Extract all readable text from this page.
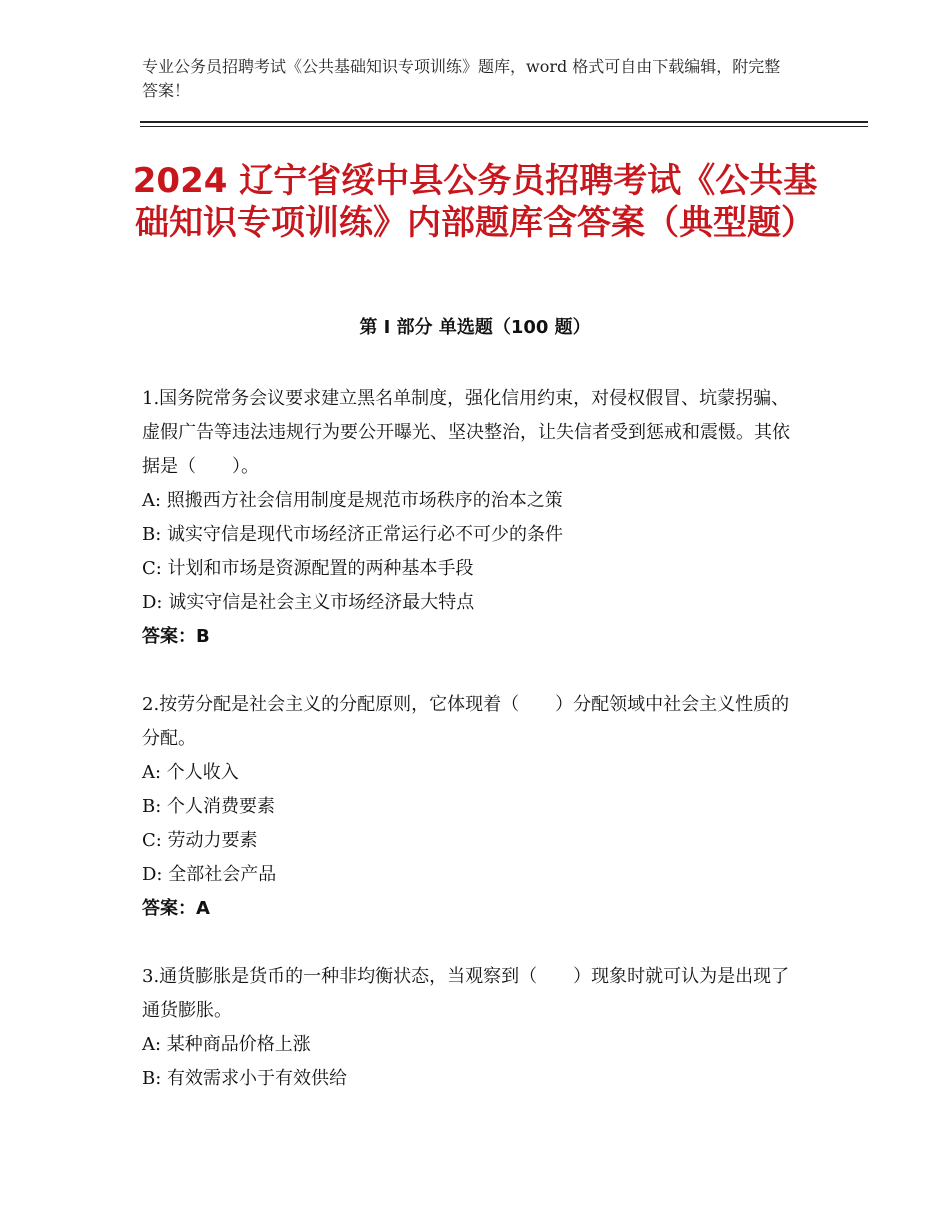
专业公务员招聘考试《公共基础知识专项训练》题库，word 格式可自由下载编辑，附完整答案！
2024 辽宁省绥中县公务员招聘考试《公共基础知识专项训练》内部题库含答案（典型题）
第 I 部分 单选题（100 题）
1.国务院常务会议要求建立黑名单制度，强化信用约束，对侵权假冒、坑蒙拐骗、虚假广告等违法违规行为要公开曝光、坚决整治，让失信者受到惩戒和震慑。其依据是（　　）。
A: 照搬西方社会信用制度是规范市场秩序的治本之策
B: 诚实守信是现代市场经济正常运行必不可少的条件
C: 计划和市场是资源配置的两种基本手段
D: 诚实守信是社会主义市场经济最大特点
答案：B
2.按劳分配是社会主义的分配原则，它体现着（　　）分配领域中社会主义性质的分配。
A: 个人收入
B: 个人消费要素
C: 劳动力要素
D: 全部社会产品
答案：A
3.通货膨胀是货币的一种非均衡状态，当观察到（　　）现象时就可认为是出现了通货膨胀。
A: 某种商品价格上涨
B: 有效需求小于有效供给
